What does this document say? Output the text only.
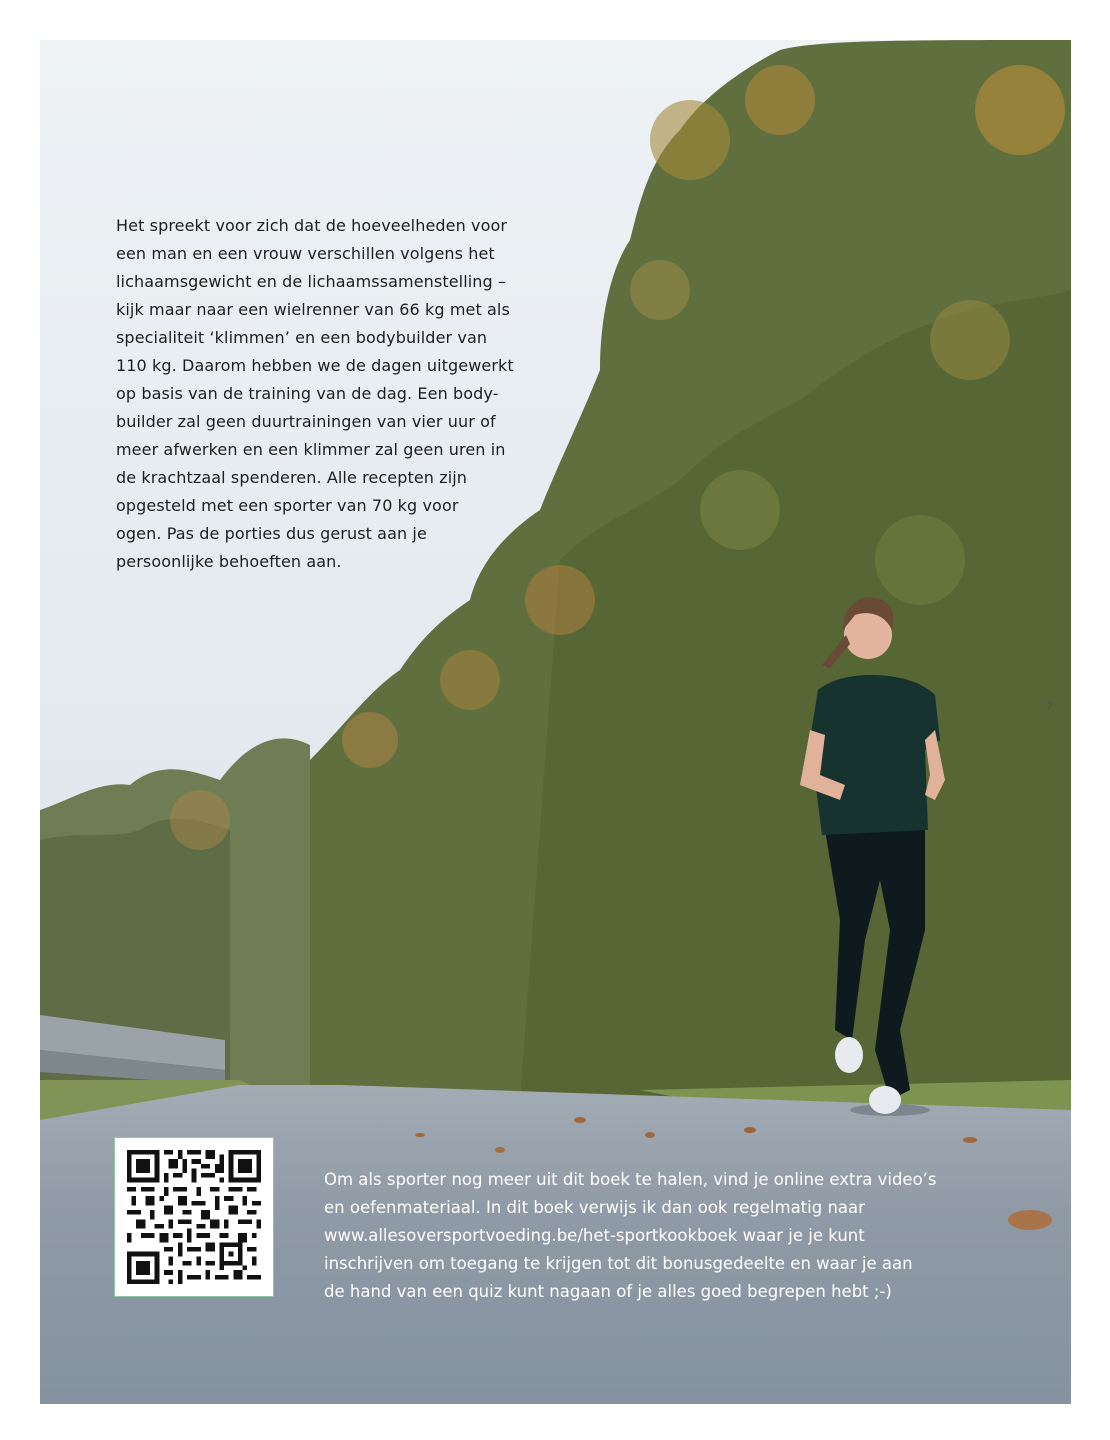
Het spreekt voor zich dat de hoeveelheden voor
een man en een vrouw verschillen volgens het
lichaamsgewicht en de lichaamssamenstelling –
kijk maar naar een wielrenner van 66 kg met als
specialiteit ‘klimmen’ en een bodybuilder van
110 kg. Daarom hebben we de dagen uitgewerkt
op basis van de training van de dag. Een body-
builder zal geen duurtrainingen van vier uur of
meer afwerken en een klimmer zal geen uren in
de krachtzaal spenderen. Alle recepten zijn
opgesteld met een sporter van 70 kg voor
ogen. Pas de porties dus gerust aan je
persoonlijke behoeften aan.

7

Om als sporter nog meer uit dit boek te halen, vind je online extra video’s
en oefenmateriaal. In dit boek verwijs ik dan ook regelmatig naar
www.allesoversportvoeding.be/het-sportkookboek waar je je kunt
inschrijven om toegang te krijgen tot dit bonusgedeelte en waar je aan
de hand van een quiz kunt nagaan of je alles goed begrepen hebt ;-)
